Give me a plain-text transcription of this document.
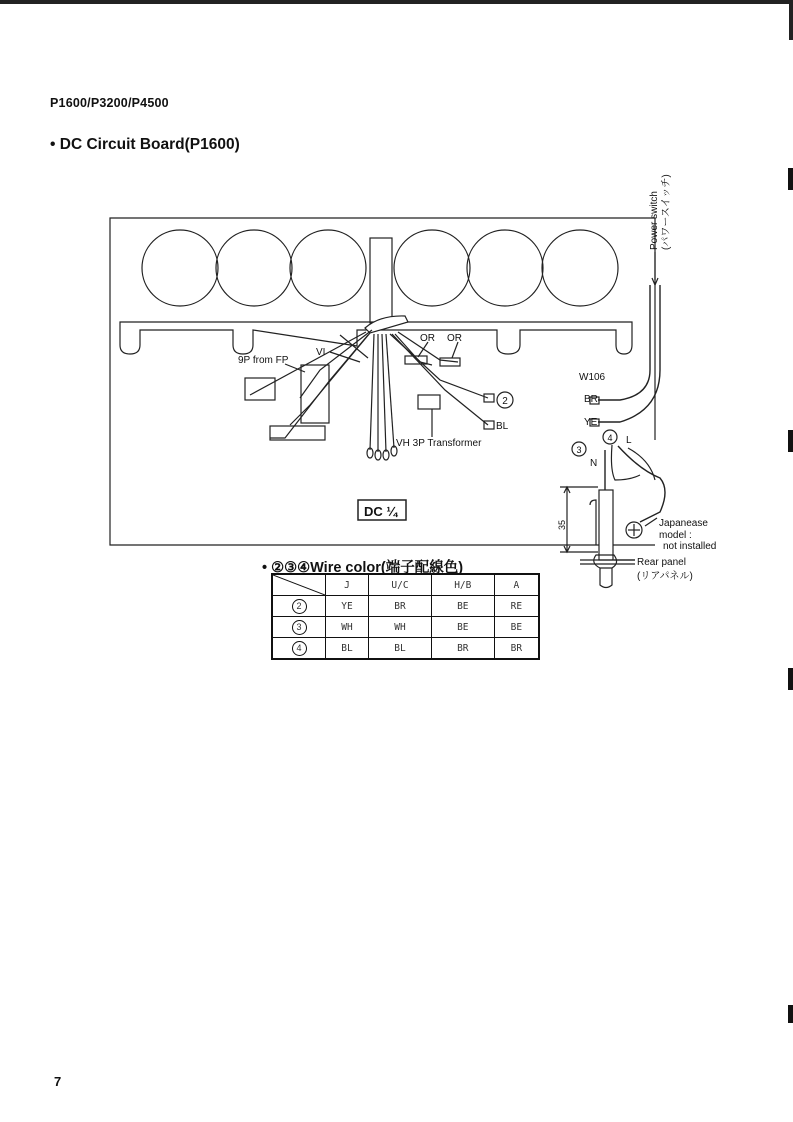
P1600/P3200/P4500
• DC Circuit Board(P1600)
2
3
4
VI
9P from FP
OR OR
BL
VH 3P Transformer
DC ¼
W106
BR
YE
N
L
35
Power switch (パワースイッチ)
Japanease
model :
not installed
Rear panel
(リアパネル)
• ②③④Wire color(端子配線色)
	J	U/C	H/B	A
2	YE	BR	BE	RE
3	WH	WH	BE	BE
4	BL	BL	BR	BR
7
